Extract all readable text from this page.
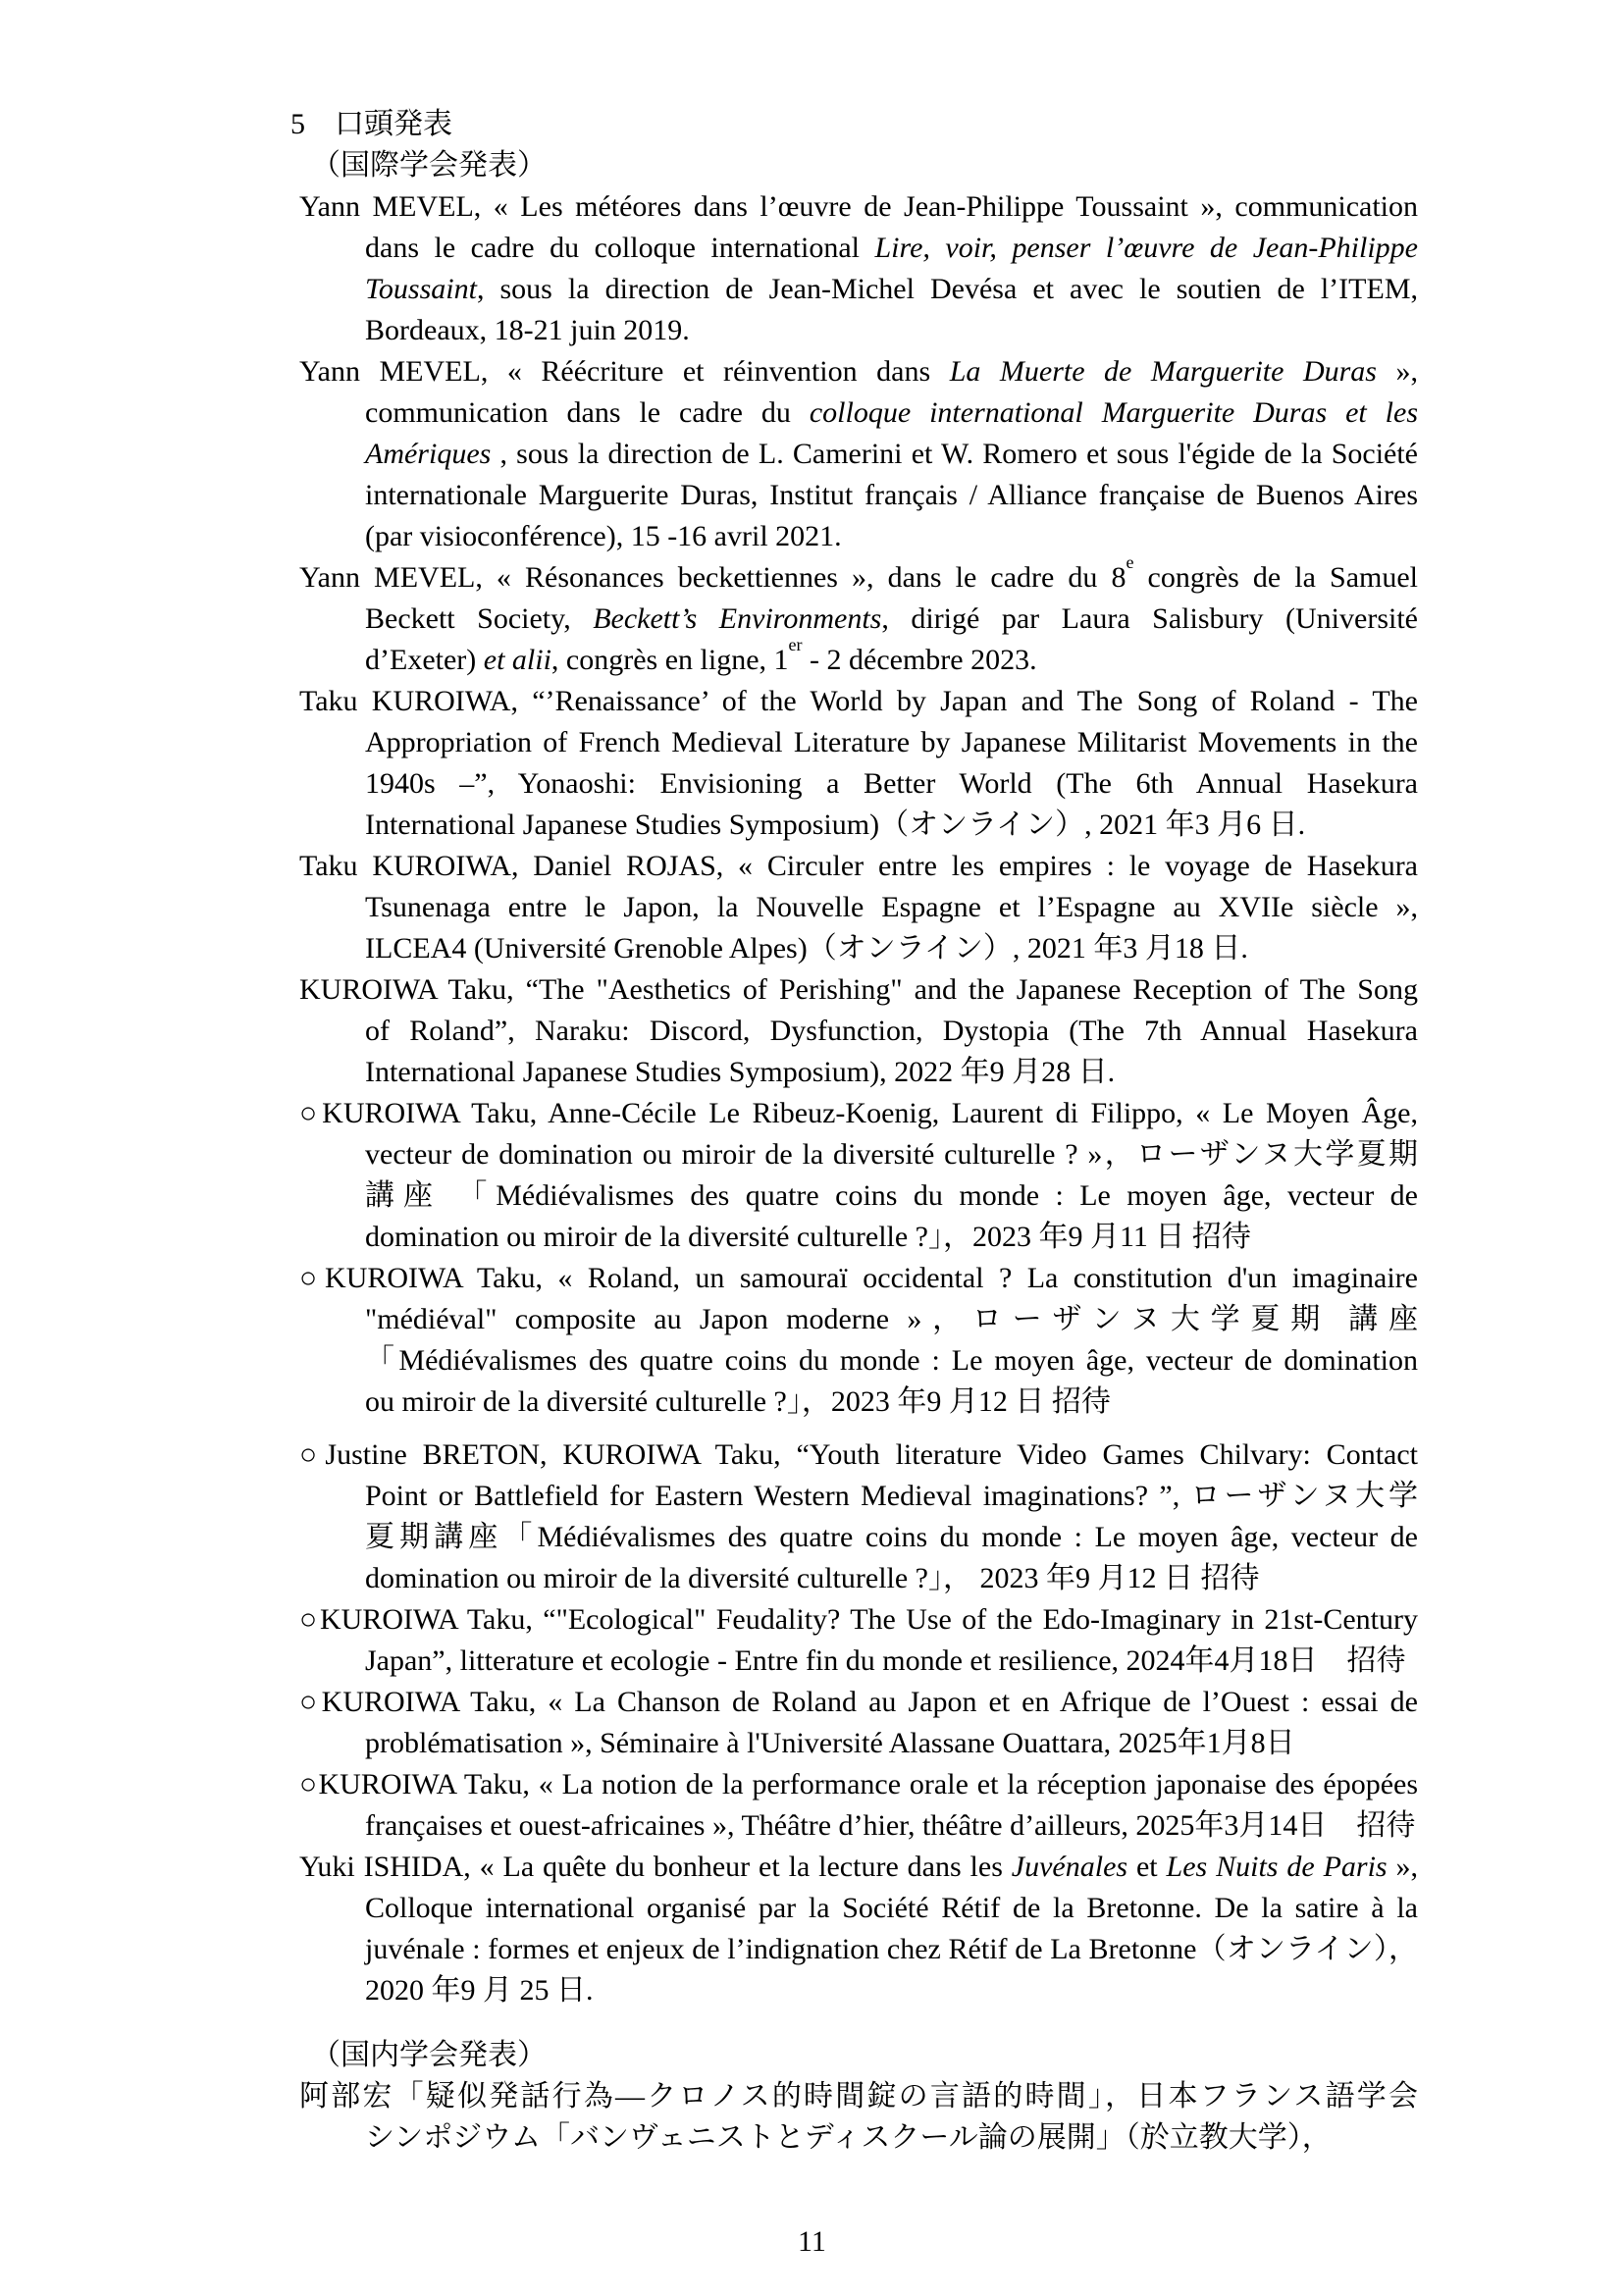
5 口頭発表
（国際学会発表）
Yann MEVEL, « Les météores dans l’œuvre de Jean-Philippe Toussaint », communication
dans le cadre du colloque international Lire, voir, penser l’œuvre de Jean-Philippe
Toussaint, sous la direction de Jean-Michel Devésa et avec le soutien de l’ITEM,
Bordeaux, 18-21 juin 2019.
Yann MEVEL, « Réécriture et réinvention dans La Muerte de Marguerite Duras »,
communication dans le cadre du colloque international Marguerite Duras et les
Amériques , sous la direction de L. Camerini et W. Romero et sous l'égide de la Société
internationale Marguerite Duras, Institut français / Alliance française de Buenos Aires
(par visioconférence), 15 -16 avril 2021.
Yann MEVEL, « Résonances beckettiennes », dans le cadre du 8e congrès de la Samuel
Beckett Society, Beckett’s Environments, dirigé par Laura Salisbury (Université
d’Exeter) et alii, congrès en ligne, 1er - 2 décembre 2023.
Taku KUROIWA, “’Renaissance’ of the World by Japan and The Song of Roland - The
Appropriation of French Medieval Literature by Japanese Militarist Movements in the
1940s –”, Yonaoshi: Envisioning a Better World (The 6th Annual Hasekura
International Japanese Studies Symposium)（オンライン）, 2021 年3 月6 日.
Taku KUROIWA, Daniel ROJAS, « Circuler entre les empires : le voyage de Hasekura
Tsunenaga entre le Japon, la Nouvelle Espagne et l’Espagne au XVIIe siècle »,
ILCEA4 (Université Grenoble Alpes)（オンライン）, 2021 年3 月18 日.
KUROIWA Taku, “The "Aesthetics of Perishing" and the Japanese Reception of The Song
of Roland”, Naraku: Discord, Dysfunction, Dystopia (The 7th Annual Hasekura
International Japanese Studies Symposium), 2022 年9 月28 日.
○KUROIWA Taku, Anne-Cécile Le Ribeuz-Koenig, Laurent di Filippo, « Le Moyen Âge,
vecteur de domination ou miroir de la diversité culturelle ? »，ローザンヌ大学夏期
講座 「Médiévalismes des quatre coins du monde : Le moyen âge, vecteur de
domination ou miroir de la diversité culturelle ?」，2023 年9 月11 日 招待
○KUROIWA Taku, « Roland, un samouraï occidental ? La constitution d'un imaginaire
"médiéval" composite au Japon moderne »，ローザンヌ大学夏期 講座
「Médiévalismes des quatre coins du monde : Le moyen âge, vecteur de domination
ou miroir de la diversité culturelle ?」，2023 年9 月12 日 招待
○Justine BRETON, KUROIWA Taku, “Youth literature Video Games Chilvary: Contact
Point or Battlefield for Eastern Western Medieval imaginations? ”, ローザンヌ大学
夏期講座「Médiévalismes des quatre coins du monde : Le moyen âge, vecteur de
domination ou miroir de la diversité culturelle ?」， 2023 年9 月12 日 招待
○KUROIWA Taku, “"Ecological" Feudality? The Use of the Edo-Imaginary in 21st-Century
Japan”, litterature et ecologie - Entre fin du monde et resilience, 2024年4月18日　招待
○KUROIWA Taku, « La Chanson de Roland au Japon et en Afrique de l’Ouest : essai de
problématisation », Séminaire à l'Université Alassane Ouattara, 2025年1月8日
○KUROIWA Taku, « La notion de la performance orale et la réception japonaise des épopées
françaises et ouest-africaines », Théâtre d’hier, théâtre d’ailleurs, 2025年3月14日　招待
Yuki ISHIDA, « La quête du bonheur et la lecture dans les Juvénales et Les Nuits de Paris »,
Colloque international organisé par la Société Rétif de la Bretonne. De la satire à la
juvénale : formes et enjeux de l’indignation chez Rétif de La Bretonne（オンライン），
2020 年9 月 25 日.
（国内学会発表）
阿部宏「疑似発話行為—クロノス的時間錠の言語的時間」，日本フランス語学会
シンポジウム「バンヴェニストとディスクール論の展開」（於立教大学），
11
